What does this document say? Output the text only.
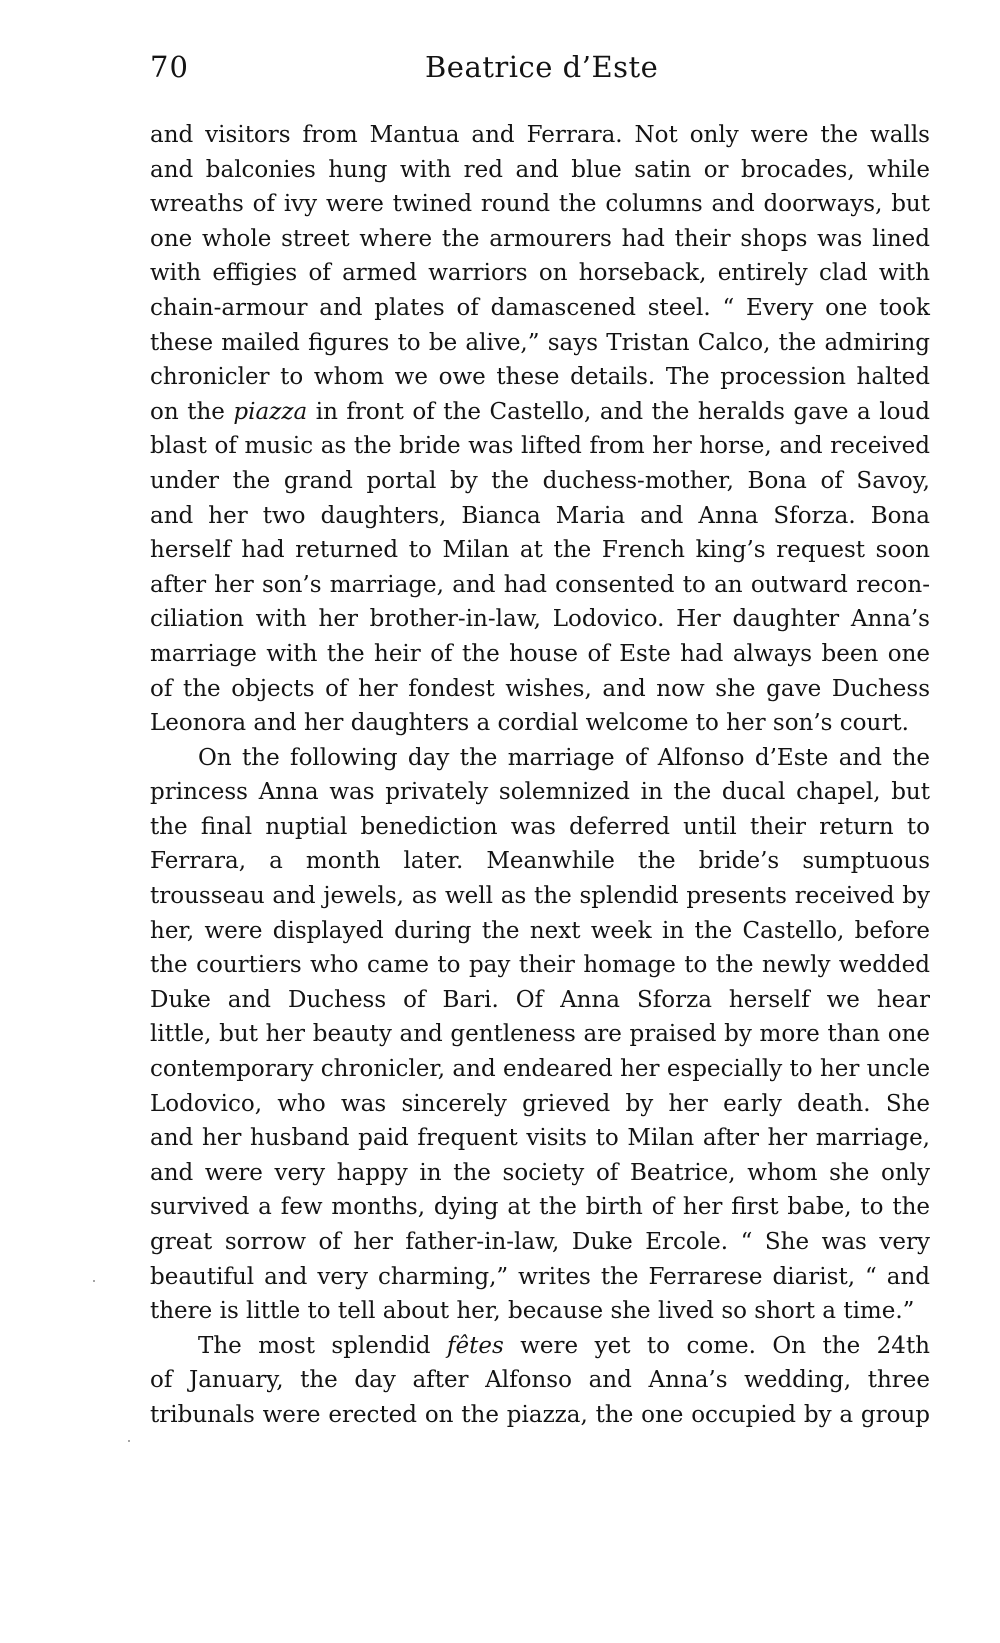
70	Beatrice d’Este
and visitors from Mantua and Ferrara. Not only were the walls
and balconies hung with red and blue satin or brocades, while
wreaths of ivy were twined round the columns and doorways, but
one whole street where the armourers had their shops was lined
with effigies of armed warriors on horseback, entirely clad with
chain-armour and plates of damascened steel. “ Every one took
these mailed figures to be alive,” says Tristan Calco, the admiring
chronicler to whom we owe these details. The procession halted
on the piazza in front of the Castello, and the heralds gave a loud
blast of music as the bride was lifted from her horse, and received
under the grand portal by the duchess-mother, Bona of Savoy,
and her two daughters, Bianca Maria and Anna Sforza. Bona
herself had returned to Milan at the French king’s request soon
after her son’s marriage, and had consented to an outward recon-
ciliation with her brother-in-law, Lodovico. Her daughter Anna’s
marriage with the heir of the house of Este had always been one
of the objects of her fondest wishes, and now she gave Duchess
Leonora and her daughters a cordial welcome to her son’s court.
On the following day the marriage of Alfonso d’Este and the
princess Anna was privately solemnized in the ducal chapel, but
the final nuptial benediction was deferred until their return to
Ferrara, a month later. Meanwhile the bride’s sumptuous
trousseau and jewels, as well as the splendid presents received by
her, were displayed during the next week in the Castello, before
the courtiers who came to pay their homage to the newly wedded
Duke and Duchess of Bari. Of Anna Sforza herself we hear
little, but her beauty and gentleness are praised by more than one
contemporary chronicler, and endeared her especially to her uncle
Lodovico, who was sincerely grieved by her early death. She
and her husband paid frequent visits to Milan after her marriage,
and were very happy in the society of Beatrice, whom she only
survived a few months, dying at the birth of her first babe, to the
great sorrow of her father-in-law, Duke Ercole. “ She was very
beautiful and very charming,” writes the Ferrarese diarist, “ and
there is little to tell about her, because she lived so short a time.”
The most splendid fêtes were yet to come. On the 24th
of January, the day after Alfonso and Anna’s wedding, three
tribunals were erected on the piazza, the one occupied by a group
